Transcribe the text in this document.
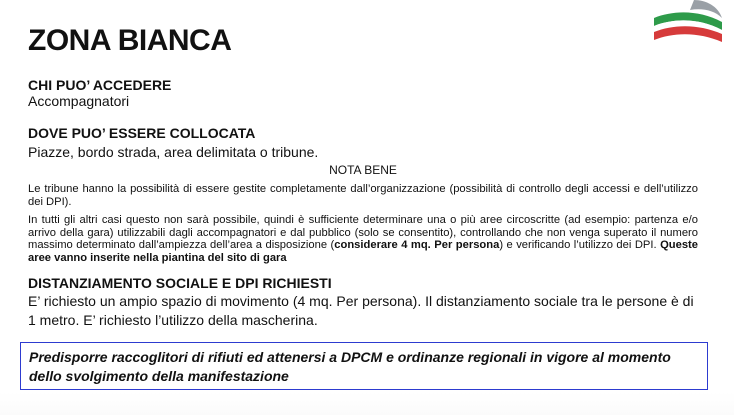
ZONA BIANCA

CHI PUO’ ACCEDERE

Accompagnatori

DOVE PUO’ ESSERE COLLOCATA

Piazze, bordo strada, area delimitata o tribune.

NOTA BENE

Le tribune hanno la possibilità di essere gestite completamente dall’organizzazione (possibilità di controllo degli accessi e dell’utilizzo dei DPI).

In tutti gli altri casi questo non sarà possibile, quindi è sufficiente determinare una o più aree circoscritte (ad esempio: partenza e/o arrivo della gara) utilizzabili dagli accompagnatori e dal pubblico (solo se consentito), controllando che non venga superato il numero massimo determinato dall’ampiezza dell’area a disposizione (considerare 4 mq. Per persona) e verificando l’utilizzo dei DPI. Queste aree vanno inserite nella piantina del sito di gara

DISTANZIAMENTO SOCIALE E DPI RICHIESTI

E’ richiesto un ampio spazio di movimento (4 mq. Per persona). Il distanziamento sociale tra le persone è di 1 metro. E’ richiesto l’utilizzo della mascherina.

Predisporre raccoglitori di rifiuti ed attenersi a DPCM e ordinanze regionali in vigore al momento dello svolgimento della manifestazione
